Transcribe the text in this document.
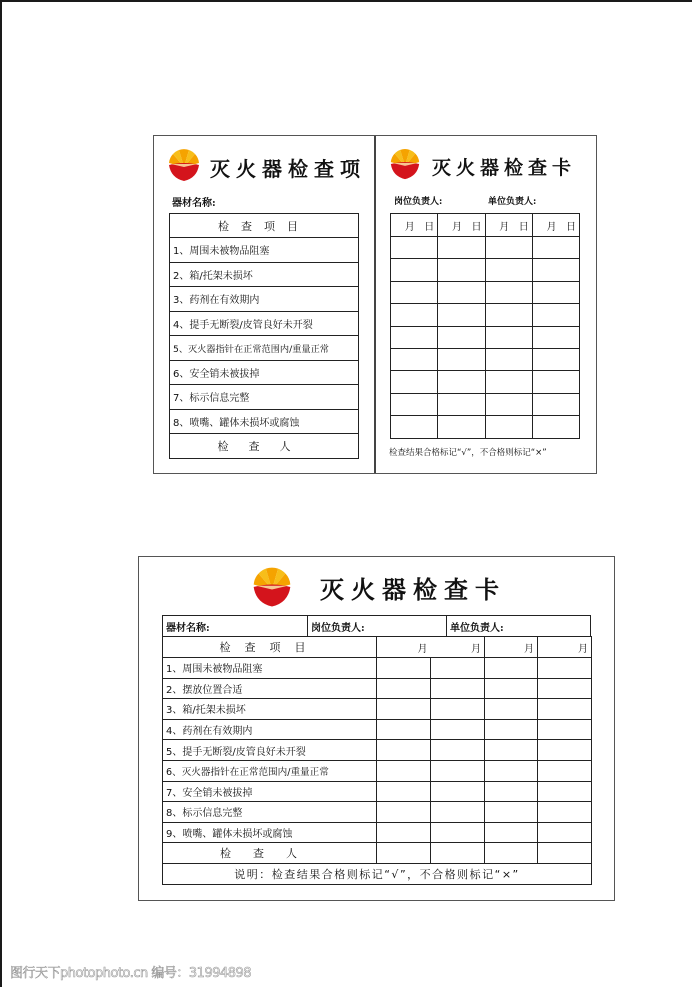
灭火器检查项
器材名称:
检查项目
1、周围未被物品阻塞
2、箱/托架未损坏
3、药剂在有效期内
4、提手无断裂/皮管良好未开裂
5、灭火器指针在正常范围内/重量正常
6、安全销未被拔掉
7、标示信息完整
8、喷嘴、罐体未损坏或腐蚀
检查人
灭火器检查卡
岗位负责人:	单位负责人:
月 日	月 日	月 日	月 日

检查结果合格标记“√”，不合格则标记“×”
灭火器检查卡
器材名称:	岗位负责人:	单位负责人:
检查项目	月	月	月	月
1、周围未被物品阻塞				
2、摆放位置合适				
3、箱/托架未损坏				
4、药剂在有效期内				
5、提手无断裂/皮管良好未开裂				
6、灭火器指针在正常范围内/重量正常				
7、安全销未被拔掉				
8、标示信息完整				
9、喷嘴、罐体未损坏或腐蚀				
检查人				
说明：检查结果合格则标记“√”，不合格则标记“×”				
图行天下photophoto.cn 编号：31994898
